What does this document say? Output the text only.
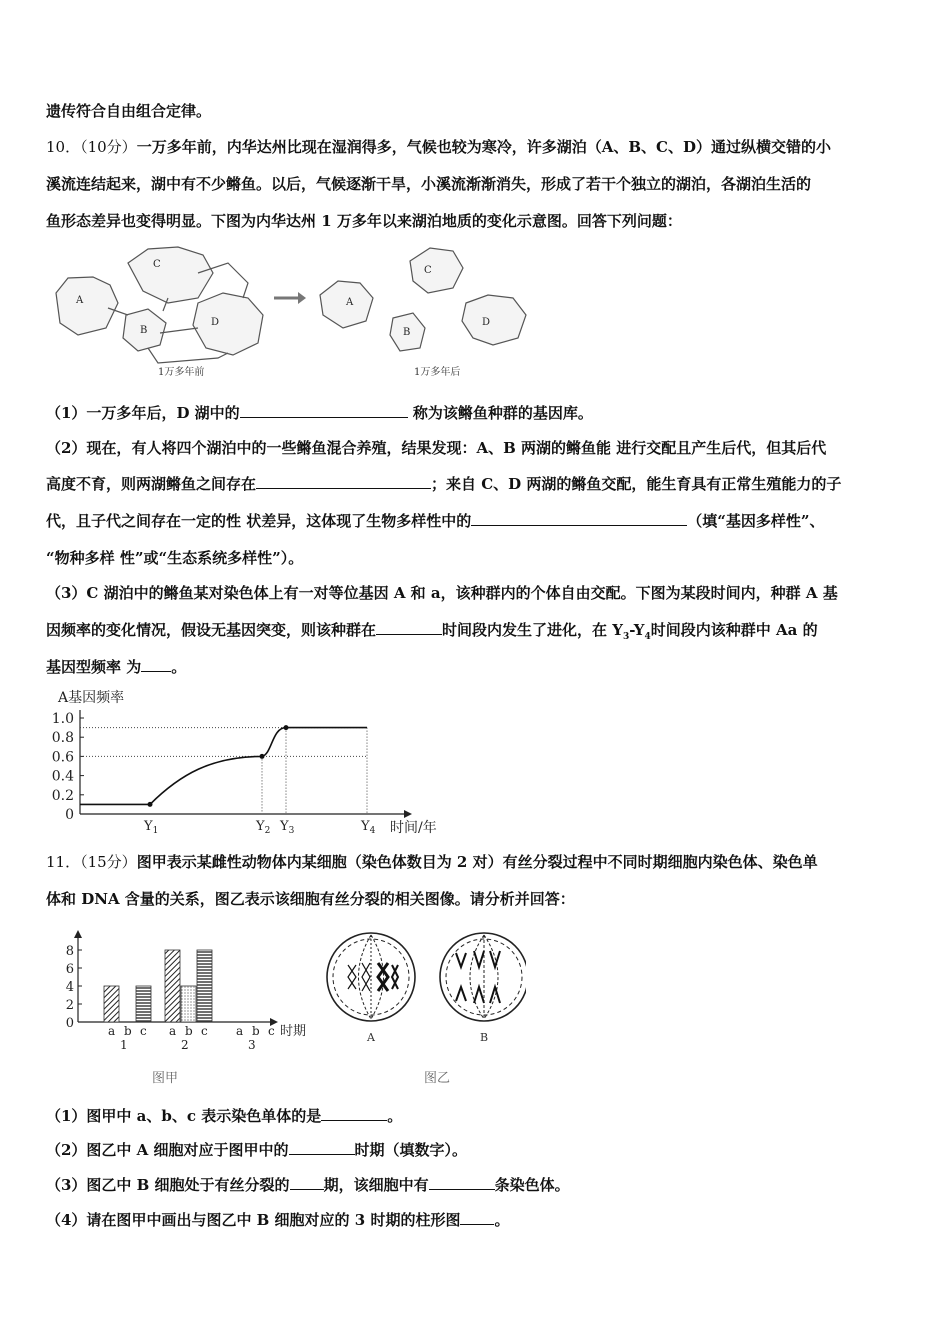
遗传符合自由组合定律。
10．（10分）一万多年前，内华达州比现在湿润得多，气候也较为寒冷，许多湖泊（A、B、C、D）通过纵横交错的小
溪流连结起来，湖中有不少鳉鱼。以后，气候逐渐干旱，小溪流渐渐消失，形成了若干个独立的湖泊，各湖泊生活的
鱼形态差异也变得明显。下图为内华达州 1 万多年以来湖泊地质的变化示意图。回答下列问题：
A
B
C
D
A
B
C
D
1万多年前	1万多年后
（1）一万多年后，D 湖中的	称为该鳉鱼种群的基因库。
（2）现在，有人将四个湖泊中的一些鳉鱼混合养殖，结果发现：A、B 两湖的鳉鱼能 进行交配且产生后代，但其后代
高度不育，则两湖鳉鱼之间存在	；来自 C、D 两湖的鳉鱼交配，能生育具有正常生殖能力的子
代，且子代之间存在一定的性 状差异，这体现了生物多样性中的	（填“基因多样性”、
“物种多样 性”或“生态系统多样性”）。
（3）C 湖泊中的鳉鱼某对染色体上有一对等位基因 A 和 a，该种群内的个体自由交配。下图为某段时间内，种群 A 基
因频率的变化情况，假设无基因突变，则该种群在	时间段内发生了进化，在 $Y_3-Y_4$时间段内该种群中 Aa 的
基因型频率 为 。
A基因频率
时间/年
1.0
0.8
0.6
0.4
0.2
0
$Y_1$	$Y_2$ $Y_3$	$Y_4$
11．（15分）图甲表示某雌性动物体内某细胞（染色体数目为 2 对）有丝分裂过程中不同时期细胞内染色体、染色单
体和 DNA 含量的关系，图乙表示该细胞有丝分裂的相关图像。请分析并回答：
图甲
时期
8
6
4
2
0	a b c
1
a b c
2
a b c
3
A	B
图乙
（1）图甲中 a、b、c 表示染色单体的是	。
（2）图乙中 A 细胞对应于图甲中的	时期（填数字）。
（3）图乙中 B 细胞处于有丝分裂的 期，该细胞中有	条染色体。
（4）请在图甲中画出与图乙中 B 细胞对应的 3 时期的柱形图 。
